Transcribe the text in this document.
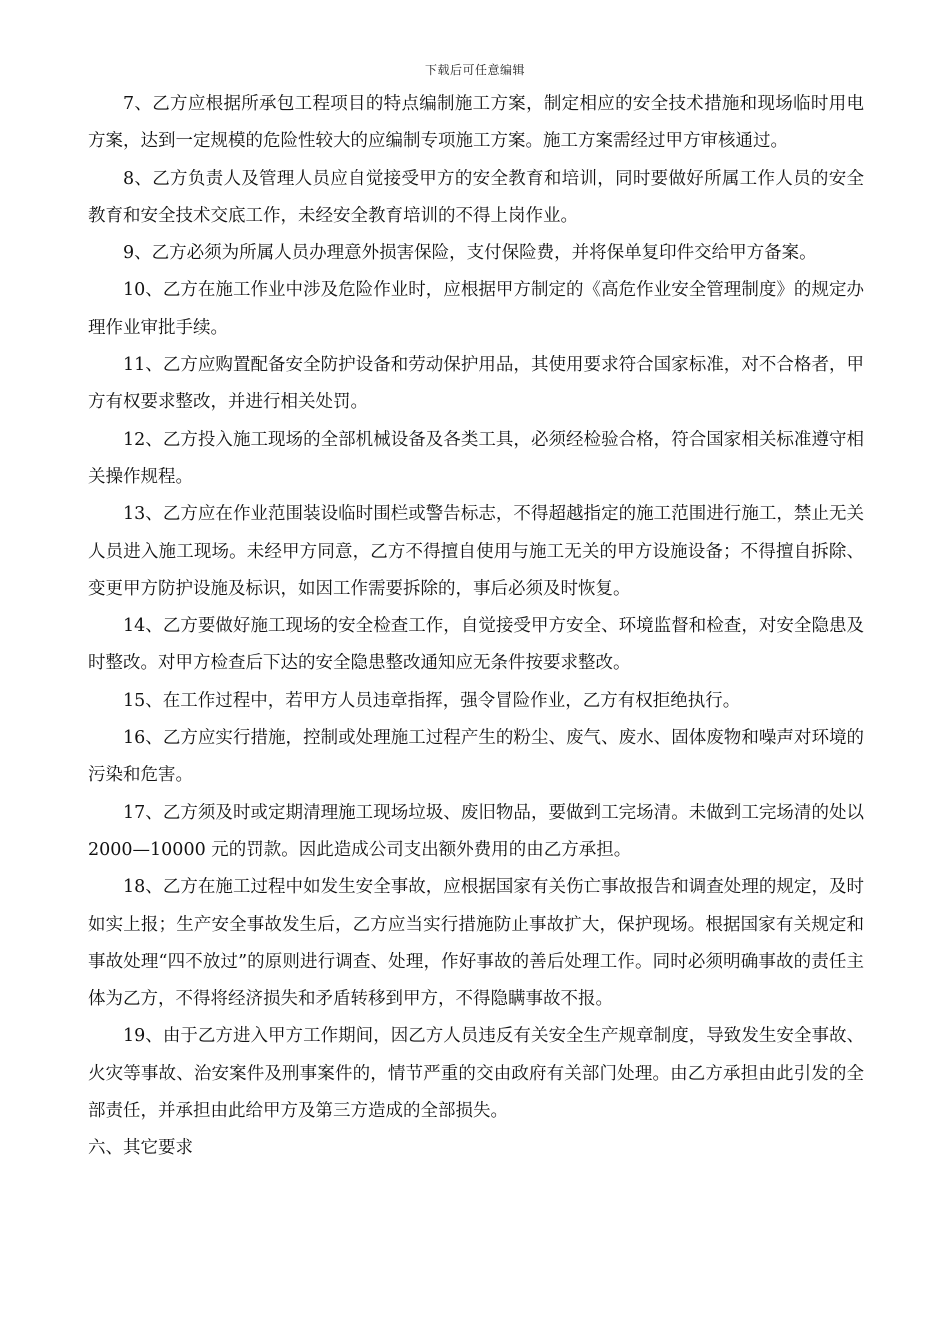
下载后可任意编辑

7、乙方应根据所承包工程项目的特点编制施工方案，制定相应的安全技术措施和现场临时用电方案，达到一定规模的危险性较大的应编制专项施工方案。施工方案需经过甲方审核通过。

8、乙方负责人及管理人员应自觉接受甲方的安全教育和培训，同时要做好所属工作人员的安全教育和安全技术交底工作，未经安全教育培训的不得上岗作业。

9、乙方必须为所属人员办理意外损害保险，支付保险费，并将保单复印件交给甲方备案。

10、乙方在施工作业中涉及危险作业时，应根据甲方制定的《高危作业安全管理制度》的规定办理作业审批手续。

11、乙方应购置配备安全防护设备和劳动保护用品，其使用要求符合国家标准，对不合格者，甲方有权要求整改，并进行相关处罚。

12、乙方投入施工现场的全部机械设备及各类工具，必须经检验合格，符合国家相关标准遵守相关操作规程。

13、乙方应在作业范围装设临时围栏或警告标志，不得超越指定的施工范围进行施工，禁止无关人员进入施工现场。未经甲方同意，乙方不得擅自使用与施工无关的甲方设施设备；不得擅自拆除、变更甲方防护设施及标识，如因工作需要拆除的，事后必须及时恢复。

14、乙方要做好施工现场的安全检查工作，自觉接受甲方安全、环境监督和检查，对安全隐患及时整改。对甲方检查后下达的安全隐患整改通知应无条件按要求整改。

15、在工作过程中，若甲方人员违章指挥，强令冒险作业，乙方有权拒绝执行。

16、乙方应实行措施，控制或处理施工过程产生的粉尘、废气、废水、固体废物和噪声对环境的污染和危害。

17、乙方须及时或定期清理施工现场垃圾、废旧物品，要做到工完场清。未做到工完场清的处以 2000—10000 元的罚款。因此造成公司支出额外费用的由乙方承担。

18、乙方在施工过程中如发生安全事故，应根据国家有关伤亡事故报告和调查处理的规定，及时如实上报；生产安全事故发生后，乙方应当实行措施防止事故扩大，保护现场。根据国家有关规定和事故处理“四不放过”的原则进行调查、处理，作好事故的善后处理工作。同时必须明确事故的责任主体为乙方，不得将经济损失和矛盾转移到甲方，不得隐瞒事故不报。

19、由于乙方进入甲方工作期间，因乙方人员违反有关安全生产规章制度，导致发生安全事故、火灾等事故、治安案件及刑事案件的，情节严重的交由政府有关部门处理。由乙方承担由此引发的全部责任，并承担由此给甲方及第三方造成的全部损失。

六、其它要求
